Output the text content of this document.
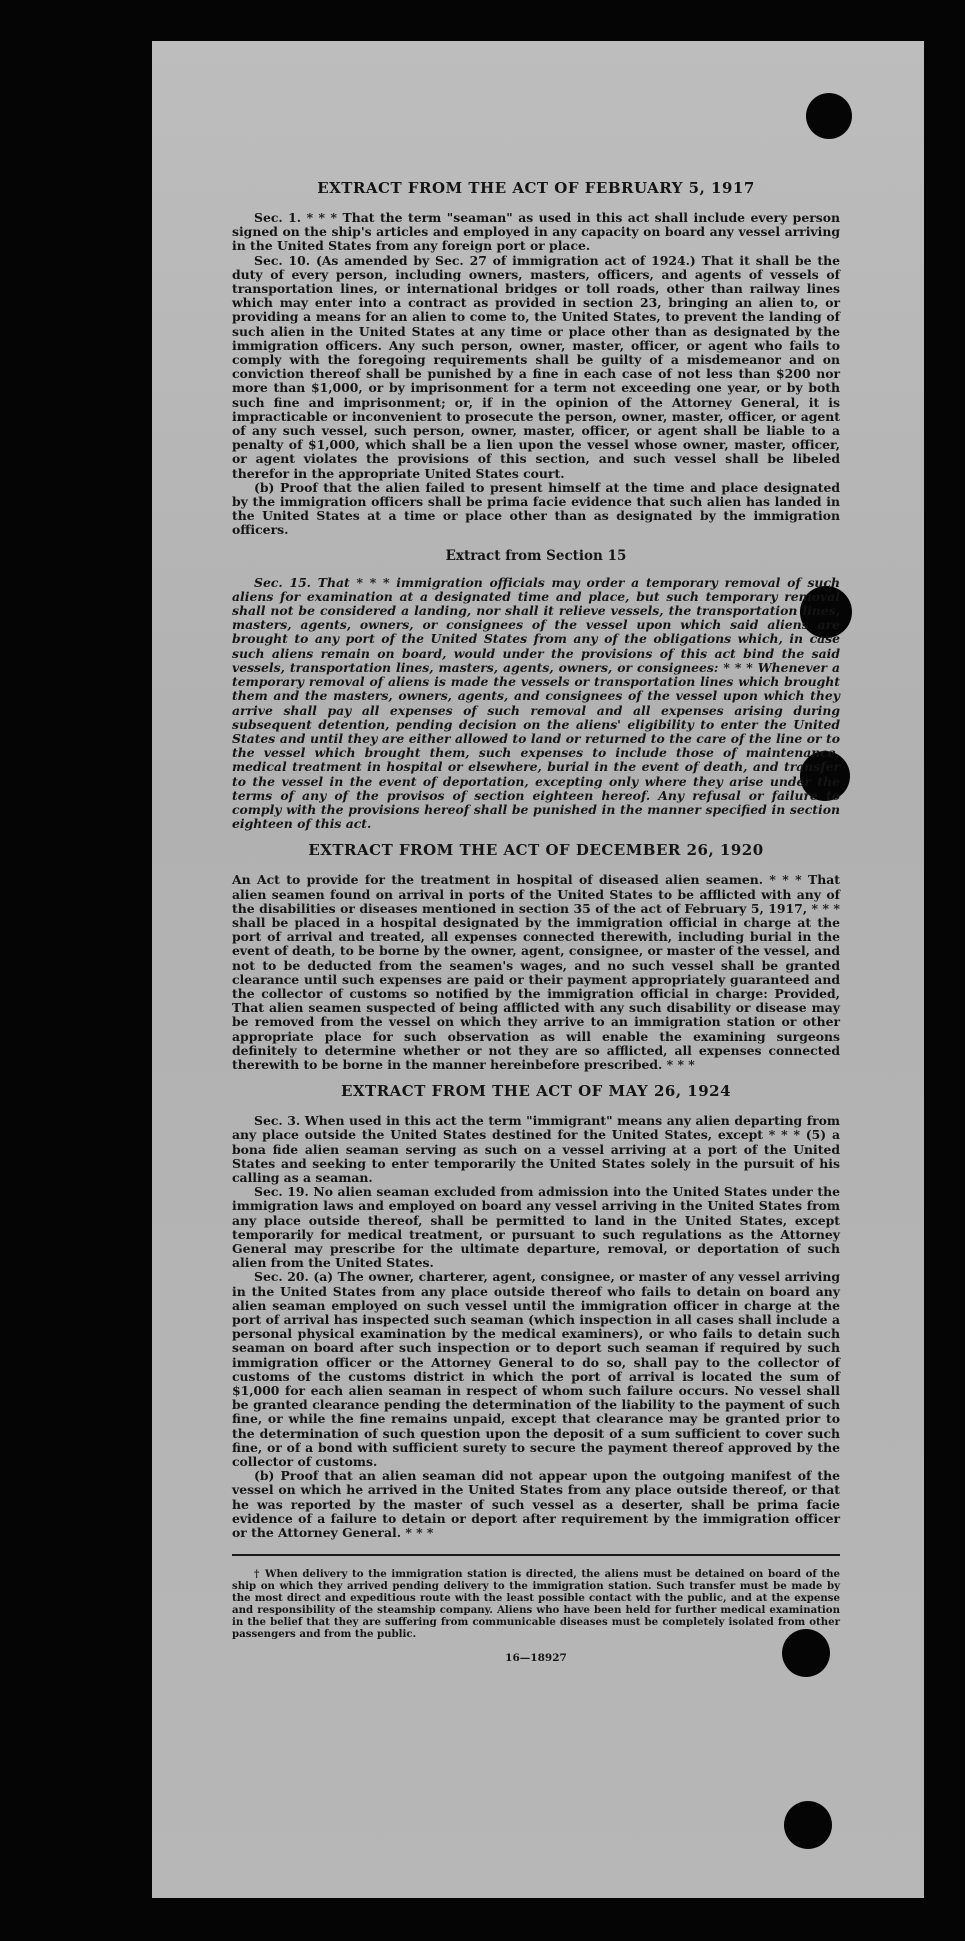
EXTRACT FROM THE ACT OF FEBRUARY 5, 1917

Sec. 1. * * * That the term "seaman" as used in this act shall include every person signed on the ship's articles and employed in any capacity on board any vessel arriving in the United States from any foreign port or place.

Sec. 10. (As amended by Sec. 27 of immigration act of 1924.) That it shall be the duty of every person, including owners, masters, officers, and agents of vessels of transportation lines, or international bridges or toll roads, other than railway lines which may enter into a contract as provided in section 23, bringing an alien to, or providing a means for an alien to come to, the United States, to prevent the landing of such alien in the United States at any time or place other than as designated by the immigration officers. Any such person, owner, master, officer, or agent who fails to comply with the foregoing requirements shall be guilty of a misdemeanor and on conviction thereof shall be punished by a fine in each case of not less than $200 nor more than $1,000, or by imprisonment for a term not exceeding one year, or by both such fine and imprisonment; or, if in the opinion of the Attorney General, it is impracticable or inconvenient to prosecute the person, owner, master, officer, or agent of any such vessel, such person, owner, master, officer, or agent shall be liable to a penalty of $1,000, which shall be a lien upon the vessel whose owner, master, officer, or agent violates the provisions of this section, and such vessel shall be libeled therefor in the appropriate United States court.

(b) Proof that the alien failed to present himself at the time and place designated by the immigration officers shall be prima facie evidence that such alien has landed in the United States at a time or place other than as designated by the immigration officers.

Extract from Section 15

Sec. 15. That * * * immigration officials may order a temporary removal of such aliens for examination at a designated time and place, but such temporary removal shall not be considered a landing, nor shall it relieve vessels, the transportation lines, masters, agents, owners, or consignees of the vessel upon which said aliens are brought to any port of the United States from any of the obligations which, in case such aliens remain on board, would under the provisions of this act bind the said vessels, transportation lines, masters, agents, owners, or consignees: * * * Whenever a temporary removal of aliens is made the vessels or transportation lines which brought them and the masters, owners, agents, and consignees of the vessel upon which they arrive shall pay all expenses of such removal and all expenses arising during subsequent detention, pending decision on the aliens' eligibility to enter the United States and until they are either allowed to land or returned to the care of the line or to the vessel which brought them, such expenses to include those of maintenance, medical treatment in hospital or elsewhere, burial in the event of death, and transfer to the vessel in the event of deportation, excepting only where they arise under the terms of any of the provisos of section eighteen hereof. Any refusal or failure to comply with the provisions hereof shall be punished in the manner specified in section eighteen of this act.

EXTRACT FROM THE ACT OF DECEMBER 26, 1920

An Act to provide for the treatment in hospital of diseased alien seamen. * * * That alien seamen found on arrival in ports of the United States to be afflicted with any of the disabilities or diseases mentioned in section 35 of the act of February 5, 1917, * * * shall be placed in a hospital designated by the immigration official in charge at the port of arrival and treated, all expenses connected therewith, including burial in the event of death, to be borne by the owner, agent, consignee, or master of the vessel, and not to be deducted from the seamen's wages, and no such vessel shall be granted clearance until such expenses are paid or their payment appropriately guaranteed and the collector of customs so notified by the immigration official in charge: Provided, That alien seamen suspected of being afflicted with any such disability or disease may be removed from the vessel on which they arrive to an immigration station or other appropriate place for such observation as will enable the examining surgeons definitely to determine whether or not they are so afflicted, all expenses connected therewith to be borne in the manner hereinbefore prescribed. * * *

EXTRACT FROM THE ACT OF MAY 26, 1924

Sec. 3. When used in this act the term "immigrant" means any alien departing from any place outside the United States destined for the United States, except * * * (5) a bona fide alien seaman serving as such on a vessel arriving at a port of the United States and seeking to enter temporarily the United States solely in the pursuit of his calling as a seaman.

Sec. 19. No alien seaman excluded from admission into the United States under the immigration laws and employed on board any vessel arriving in the United States from any place outside thereof, shall be permitted to land in the United States, except temporarily for medical treatment, or pursuant to such regulations as the Attorney General may prescribe for the ultimate departure, removal, or deportation of such alien from the United States.

Sec. 20. (a) The owner, charterer, agent, consignee, or master of any vessel arriving in the United States from any place outside thereof who fails to detain on board any alien seaman employed on such vessel until the immigration officer in charge at the port of arrival has inspected such seaman (which inspection in all cases shall include a personal physical examination by the medical examiners), or who fails to detain such seaman on board after such inspection or to deport such seaman if required by such immigration officer or the Attorney General to do so, shall pay to the collector of customs of the customs district in which the port of arrival is located the sum of $1,000 for each alien seaman in respect of whom such failure occurs. No vessel shall be granted clearance pending the determination of the liability to the payment of such fine, or while the fine remains unpaid, except that clearance may be granted prior to the determination of such question upon the deposit of a sum sufficient to cover such fine, or of a bond with sufficient surety to secure the payment thereof approved by the collector of customs.

(b) Proof that an alien seaman did not appear upon the outgoing manifest of the vessel on which he arrived in the United States from any place outside thereof, or that he was reported by the master of such vessel as a deserter, shall be prima facie evidence of a failure to detain or deport after requirement by the immigration officer or the Attorney General. * * *

† When delivery to the immigration station is directed, the aliens must be detained on board of the ship on which they arrived pending delivery to the immigration station. Such transfer must be made by the most direct and expeditious route with the least possible contact with the public, and at the expense and responsibility of the steamship company. Aliens who have been held for further medical examination in the belief that they are suffering from communicable diseases must be completely isolated from other passengers and from the public.

16—18927
